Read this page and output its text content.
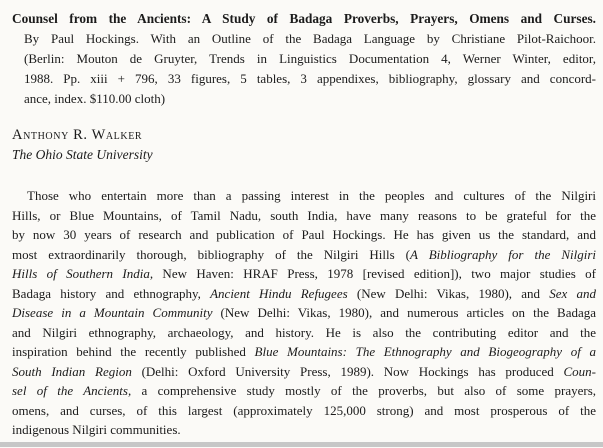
Counsel from the Ancients: A Study of Badaga Proverbs, Prayers, Omens and Curses.
By Paul Hockings. With an Outline of the Badaga Language by Christiane Pilot-Raichoor.
(Berlin: Mouton de Gruyter, Trends in Linguistics Documentation 4, Werner Winter, editor,
1988. Pp. xiii + 796, 33 figures, 5 tables, 3 appendixes, bibliography, glossary and concord-
ance, index. $110.00 cloth)
Anthony R. Walker
The Ohio State University
Those who entertain more than a passing interest in the peoples and cultures of the Nilgiri
Hills, or Blue Mountains, of Tamil Nadu, south India, have many reasons to be grateful for the
by now 30 years of research and publication of Paul Hockings. He has given us the standard, and
most extraordinarily thorough, bibliography of the Nilgiri Hills (A Bibliography for the Nilgiri
Hills of Southern India, New Haven: HRAF Press, 1978 [revised edition]), two major studies of
Badaga history and ethnography, Ancient Hindu Refugees (New Delhi: Vikas, 1980), and Sex and
Disease in a Mountain Community (New Delhi: Vikas, 1980), and numerous articles on the Badaga
and Nilgiri ethnography, archaeology, and history. He is also the contributing editor and the
inspiration behind the recently published Blue Mountains: The Ethnography and Biogeography of a
South Indian Region (Delhi: Oxford University Press, 1989). Now Hockings has produced Coun-
sel of the Ancients, a comprehensive study mostly of the proverbs, but also of some prayers,
omens, and curses, of this largest (approximately 125,000 strong) and most prosperous of the
indigenous Nilgiri communities.
